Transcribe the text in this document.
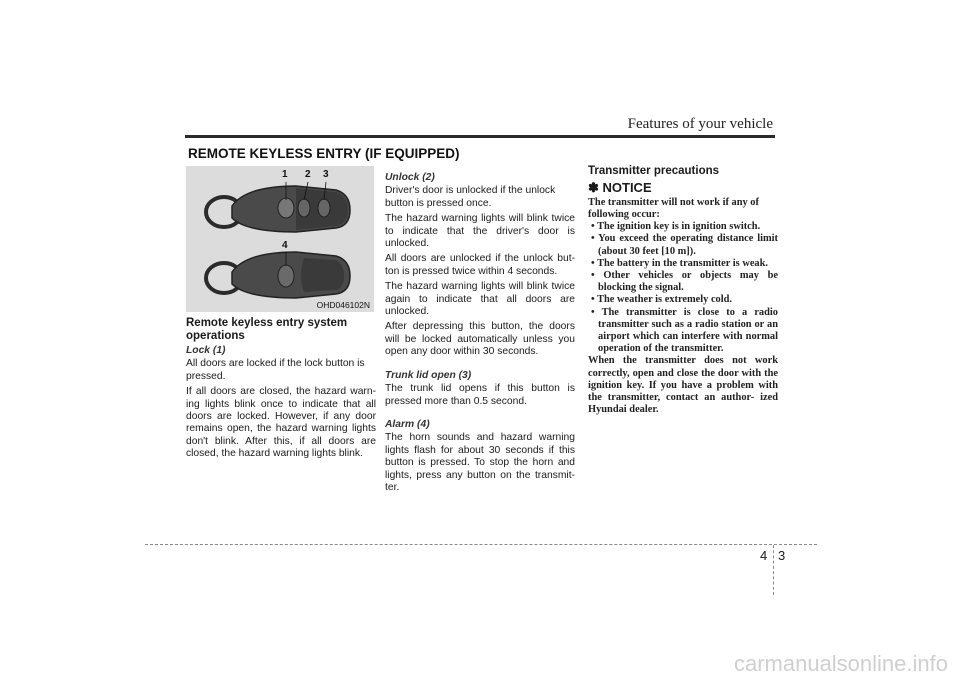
Features of your vehicle
REMOTE KEYLESS ENTRY (IF EQUIPPED)
1 2 3
4
OHD046102N
Remote keyless entry system operations

Lock (1)

All doors are locked if the lock button is pressed.

If all doors are closed, the hazard warn- ing lights blink once to indicate that all doors are locked. However, if any door remains open, the hazard warning lights don't blink. After this, if all doors are closed, the hazard warning lights blink.

Unlock (2)

Driver's door is unlocked if the unlock button is pressed once.

The hazard warning lights will blink twice to indicate that the driver's door is unlocked.

All doors are unlocked if the unlock but- ton is pressed twice within 4 seconds.

The hazard warning lights will blink twice again to indicate that all doors are unlocked.

After depressing this button, the doors will be locked automatically unless you open any door within 30 seconds.

Trunk lid open (3)

The trunk lid opens if this button is pressed more than 0.5 second.

Alarm (4)

The horn sounds and hazard warning lights flash for about 30 seconds if this button is pressed. To stop the horn and lights, press any button on the transmit- ter.

Transmitter precautions
✽ NOTICE

The transmitter will not work if any of following occur:

• The ignition key is in ignition switch.
• You exceed the operating distance limit (about 30 feet [10 m]).
• The battery in the transmitter is weak.
• Other vehicles or objects may be blocking the signal.
• The weather is extremely cold.
• The transmitter is close to a radio transmitter such as a radio station or an airport which can interfere with normal operation of the transmitter.

When the transmitter does not work correctly, open and close the door with the ignition key. If you have a problem with the transmitter, contact an author- ized Hyundai dealer.

4 3
carmanualsonline.info
